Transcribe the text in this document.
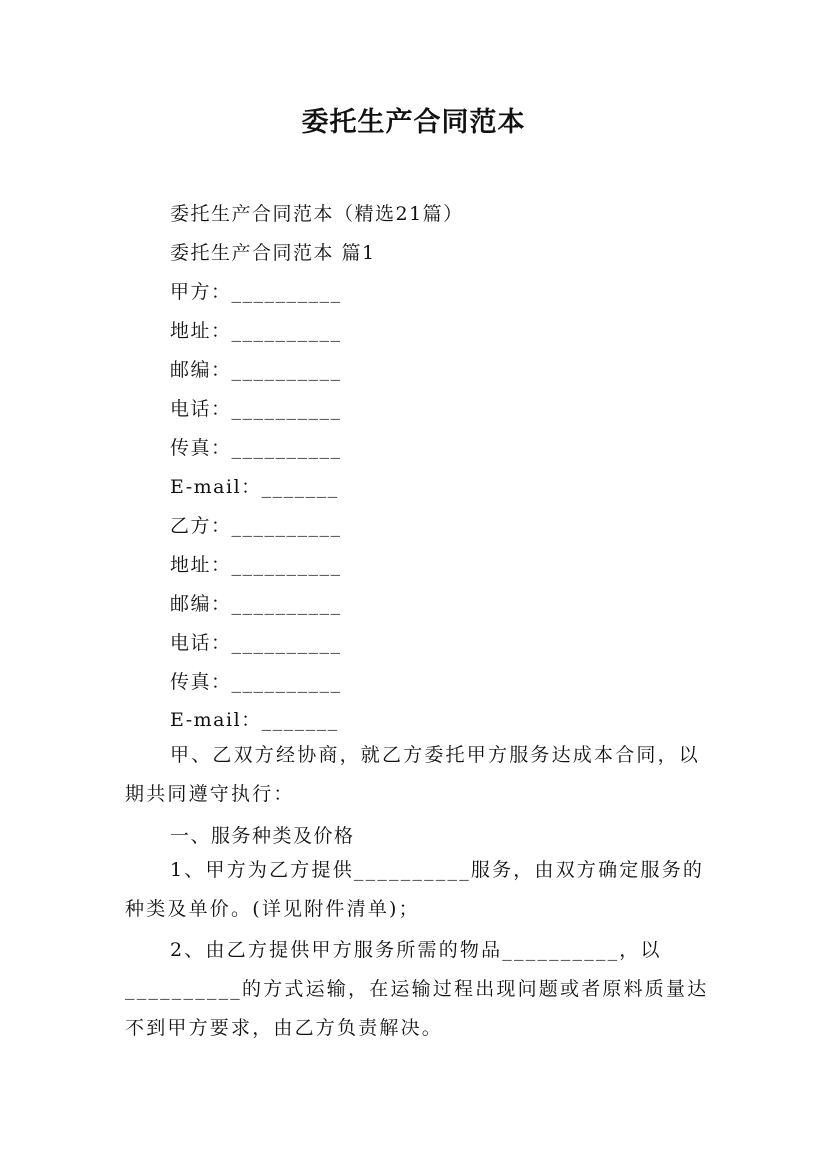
委托生产合同范本
委托生产合同范本（精选21篇）
委托生产合同范本 篇1
甲方：__________
地址：__________
邮编：__________
电话：__________
传真：__________
E-mail：_______
乙方：__________
地址：__________
邮编：__________
电话：__________
传真：__________
E-mail：_______
甲、乙双方经协商，就乙方委托甲方服务达成本合同，以期共同遵守执行：
一、服务种类及价格
1、甲方为乙方提供__________服务，由双方确定服务的种类及单价。(详见附件清单)；
2、由乙方提供甲方服务所需的物品__________，以__________的方式运输，在运输过程出现问题或者原料质量达不到甲方要求，由乙方负责解决。
